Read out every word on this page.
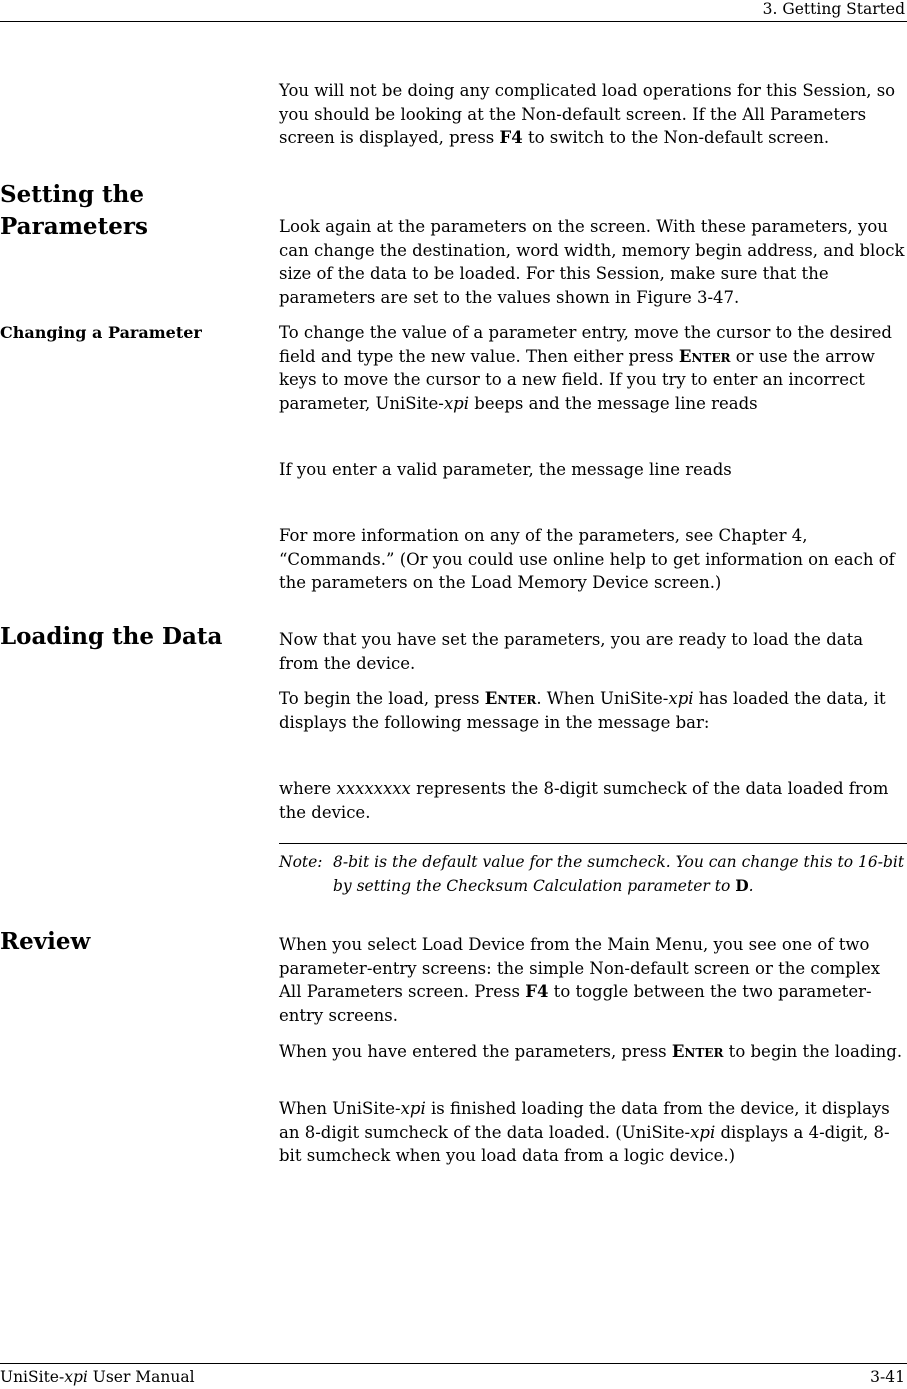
3. Getting Started

You will not be doing any complicated load operations for this Session, so you should be looking at the Non-default screen. If the All Parameters screen is displayed, press F4 to switch to the Non-default screen.

Setting the
Parameters	Look again at the parameters on the screen. With these parameters, you can change the destination, word width, memory begin address, and block size of the data to be loaded. For this Session, make sure that the parameters are set to the values shown in Figure 3-47.

Changing a Parameter	To change the value of a parameter entry, move the cursor to the desired field and type the new value. Then either press Enter or use the arrow keys to move the cursor to a new field. If you try to enter an incorrect parameter, UniSite-xpi beeps and the message line reads

If you enter a valid parameter, the message line reads

For more information on any of the parameters, see Chapter 4, “Commands.” (Or you could use online help to get information on each of the parameters on the Load Memory Device screen.)

Loading the Data	Now that you have set the parameters, you are ready to load the data from the device.

To begin the load, press Enter. When UniSite-xpi has loaded the data, it displays the following message in the message bar:

where xxxxxxxx represents the 8-digit sumcheck of the data loaded from the device.

Note: 8-bit is the default value for the sumcheck. You can change this to 16-bit by setting the Checksum Calculation parameter to D.
Review	When you select Load Device from the Main Menu, you see one of two parameter-entry screens: the simple Non-default screen or the complex All Parameters screen. Press F4 to toggle between the two parameter-entry screens.

When you have entered the parameters, press Enter to begin the loading.

When UniSite-xpi is finished loading the data from the device, it displays an 8-digit sumcheck of the data loaded. (UniSite-xpi displays a 4-digit, 8-bit sumcheck when you load data from a logic device.)

UniSite-xpi User Manual	3-41
